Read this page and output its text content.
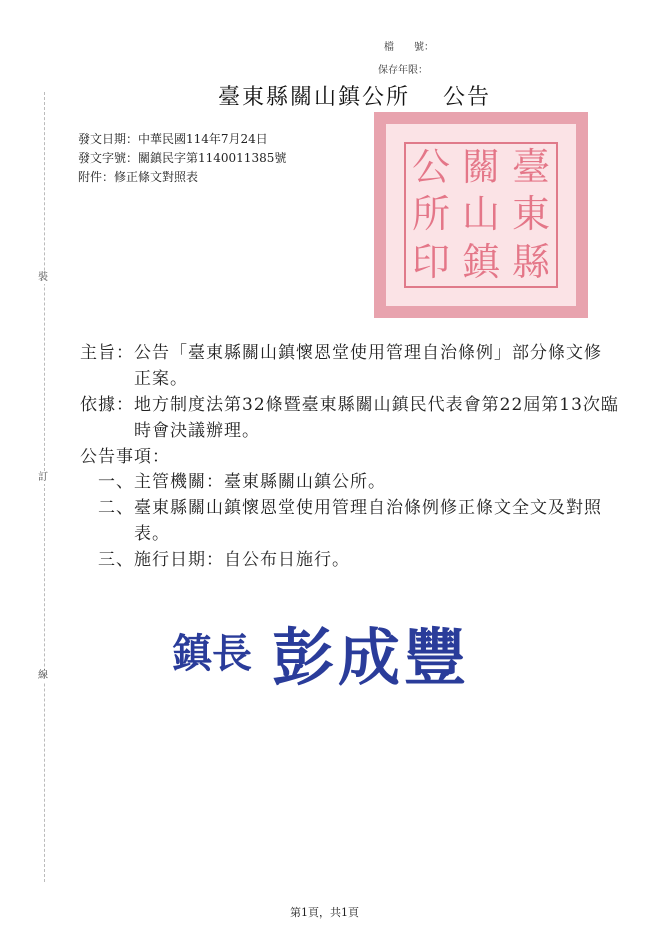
裝
訂
線
檔　　號：
保存年限：
臺東縣關山鎮公所　 公告
發文日期：中華民國114年7月24日
發文字號：關鎮民字第1140011385號
附件：修正條文對照表	臺
東
縣
關
山
鎮
公
所
印
主旨：公告「臺東縣關山鎮懷恩堂使用管理自治條例」部分條文修
正案。
依據：地方制度法第32條暨臺東縣關山鎮民代表會第22屆第13次臨
時會決議辦理。
公告事項：
一、主管機關：臺東縣關山鎮公所。
二、臺東縣關山鎮懷恩堂使用管理自治條例修正條文全文及對照
表。
三、施行日期：自公布日施行。
鎮長 彭成豐
第1頁，共1頁
